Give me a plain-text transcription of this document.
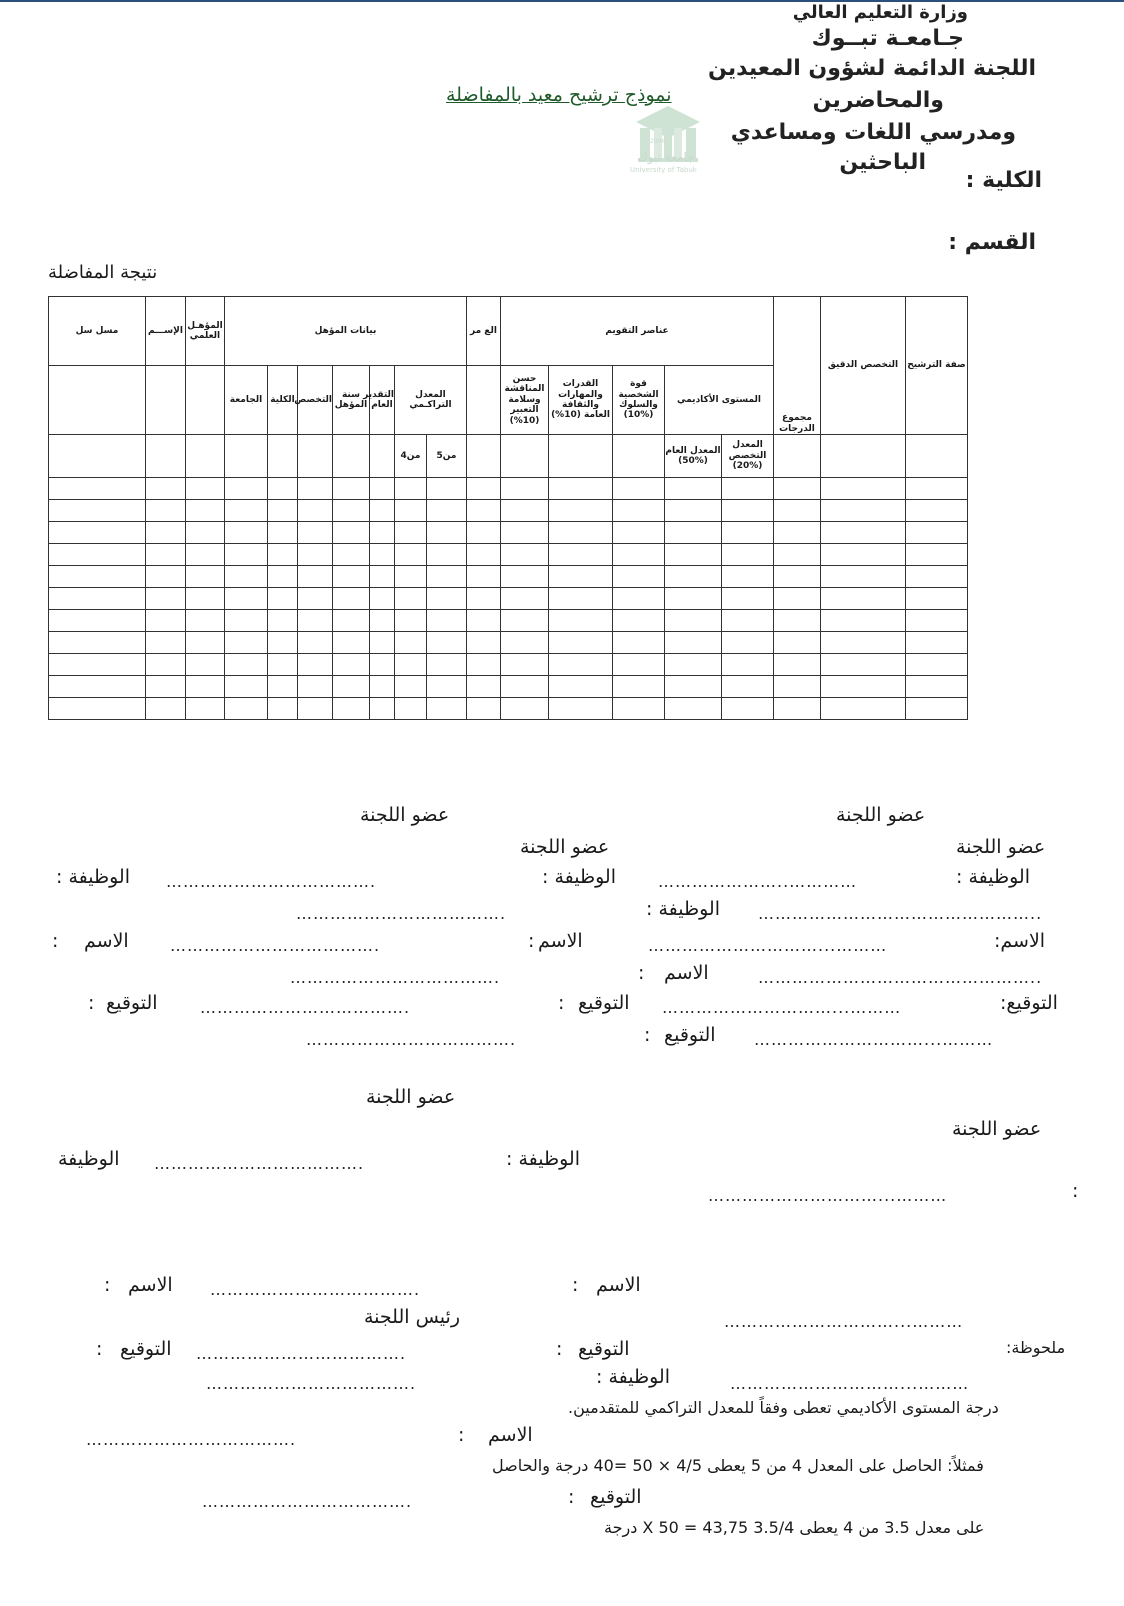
وزارة التعليم العالي
جـامعـة تبــوك
اللجنة الدائمة لشؤون المعيدين
والمحاضرين
ومدرسي اللغات ومساعدي
الباحثين
الكلية :
القسم :
نموذج ترشيح معيد بالمفاضلة
2006
جامعة تبوك
University of Tabuk
نتيجة المفاضلة
صفة الترشيح	التخصص الدقيق	مجموع الدرجات	عناصر التقويم					الع مر	بيانات المؤهل							المؤهـل العلمي	الإســـم	مسل سل
			المستوى الأكاديمي		قوة الشخصية والسلوك (%10)	القدرات والمهارات والثقافة العامة (10%)	حسن المناقشة وسلامة التعبير (10%)		المعدل التراكـمي		التقدير العام	سنة المؤهل	التخصص	الكلية	الجامعة			
			المعدل التخصص (%20)	المعدل العام (%50)					من5	من4								

عضو اللجنة
عضو اللجنة
عضو اللجنة
عضو اللجنة
الوظيفة :
…………………..…………
الوظيفة :
……………………………….
الوظيفة :
الوظيفة : …………………………………………..
……………………………….
الاسم:
…………………………...………
الاسم
:
……………………………….
الاسم
:
الاسم
:	…………………………………………..
……………………………….
التوقيع:
…………………………...………
التوقيع
:
……………………………….
التوقيع
:
التوقيع
:	…………………………...………
……………………………….
عضو اللجنة
عضو اللجنة
الوظيفة :
……………………………….
الوظيفة
:
…………………………...………
الاسم
:
……………………………….
الاسم
:
رئيس اللجنة	…………………………...………
التوقيع
:
……………………………….
التوقيع
:	ملحوظة:
…………………………...………
الوظيفة :
……………………………….
درجة المستوى الأكاديمي تعطى وفقاً للمعدل التراكمي للمتقدمين.
الاسم
:
……………………………….
فمثلاً: الحاصل على المعدل 4 من 5 يعطى 4/5 × 50 =40 درجة والحاصل
التوقيع
:
……………………………….
على معدل 3.5 من 4 يعطى 3.5/4 X 50 = 43,75 درجة
